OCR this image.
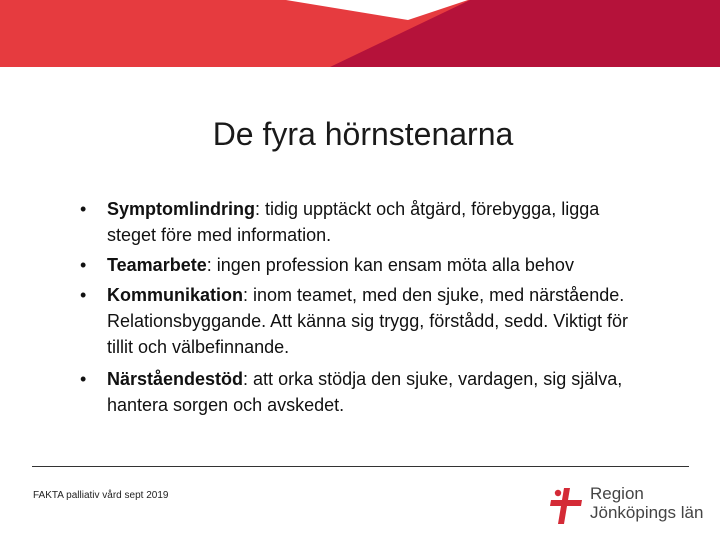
De fyra hörnstenarna
• Symptomlindring: tidig upptäckt och åtgärd, förebygga, ligga steget före med information.
• Teamarbete: ingen profession kan ensam möta alla behov
• Kommunikation: inom teamet, med den sjuke, med närstående. Relationsbyggande. Att känna sig trygg, förstådd, sedd. Viktigt för tillit och välbefinnande.
• Närståendestöd: att orka stödja den sjuke, vardagen, sig själva, hantera sorgen och avskedet.
FAKTA palliativ vård sept 2019	Region
Jönköpings län
